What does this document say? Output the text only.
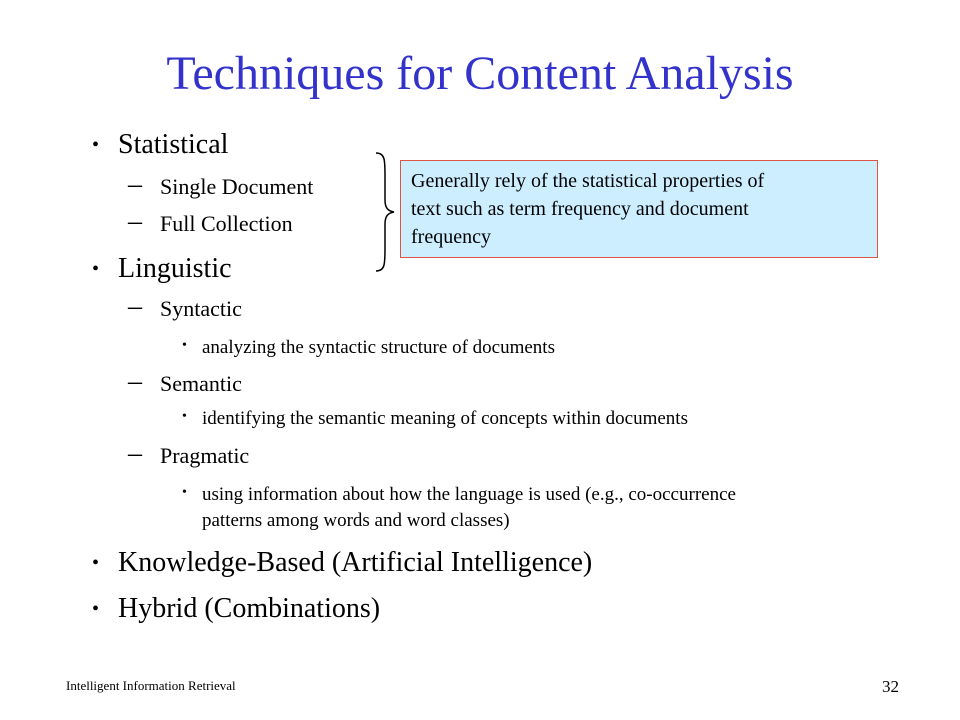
Techniques for Content Analysis
• Statistical
– Single Document
– Full Collection
Generally rely of the statistical properties of
text such as term frequency and document
frequency
• Linguistic
– Syntactic
• analyzing the syntactic structure of documents
– Semantic
• identifying the semantic meaning of concepts within documents
– Pragmatic
• using information about how the language is used (e.g., co-occurrence
patterns among words and word classes)
• Knowledge-Based (Artificial Intelligence)
• Hybrid (Combinations)
Intelligent Information Retrieval	32
